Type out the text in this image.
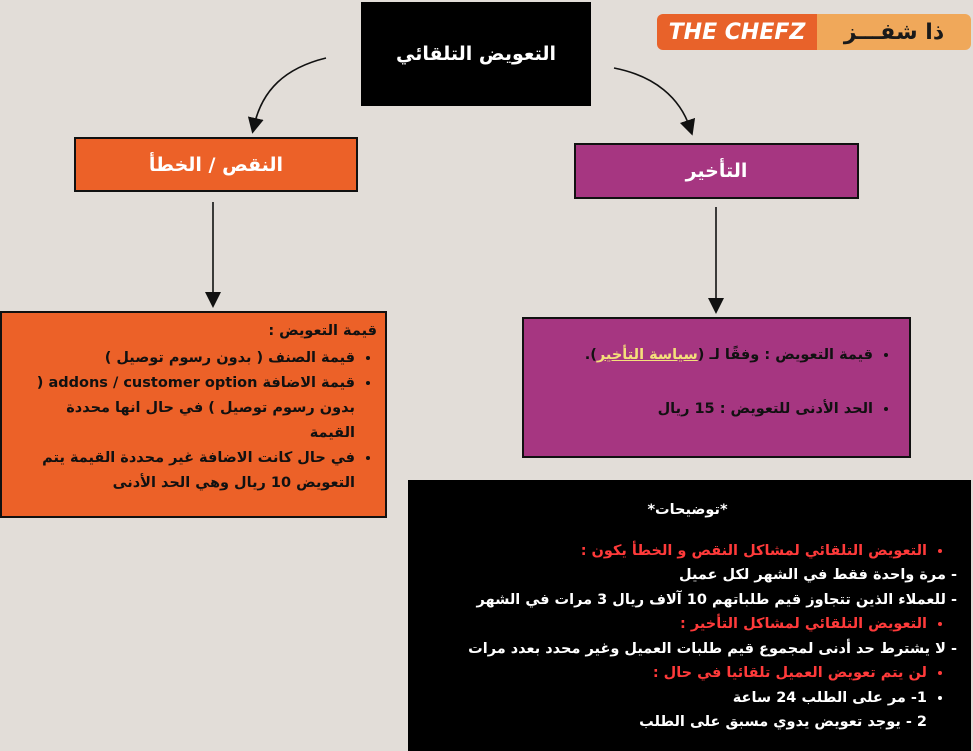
THE CHEFZ	ذا شفـــز
التعويض التلقائي
النقص / الخطأ	التأخير
قيمة التعويض :
• قيمة الصنف ( بدون رسوم توصيل )
• قيمة الاضافة addons / customer option ( بدون رسوم توصيل ) في حال انها محددة القيمة
• في حال كانت الاضافة غير محددة القيمة يتم التعويض 10 ريال وهي الحد الأدنى
• قيمة التعويض : وفقًا لـ (سياسة التأخير).
• الحد الأدنى للتعويض : 15 ريال
*توضيحات*
• التعويض التلقائي لمشاكل النقص و الخطأ يكون :
- مرة واحدة فقط في الشهر لكل عميل
- للعملاء الذين تتجاوز قيم طلباتهم 10 آلاف ريال 3 مرات في الشهر
• التعويض التلقائي لمشاكل التأخير :
- لا يشترط حد أدنى لمجموع قيم طلبات العميل وغير محدد بعدد مرات
• لن يتم تعويض العميل تلقائيا في حال :
• 1- مر على الطلب 24 ساعة
2 - يوجد تعويض يدوي مسبق على الطلب
